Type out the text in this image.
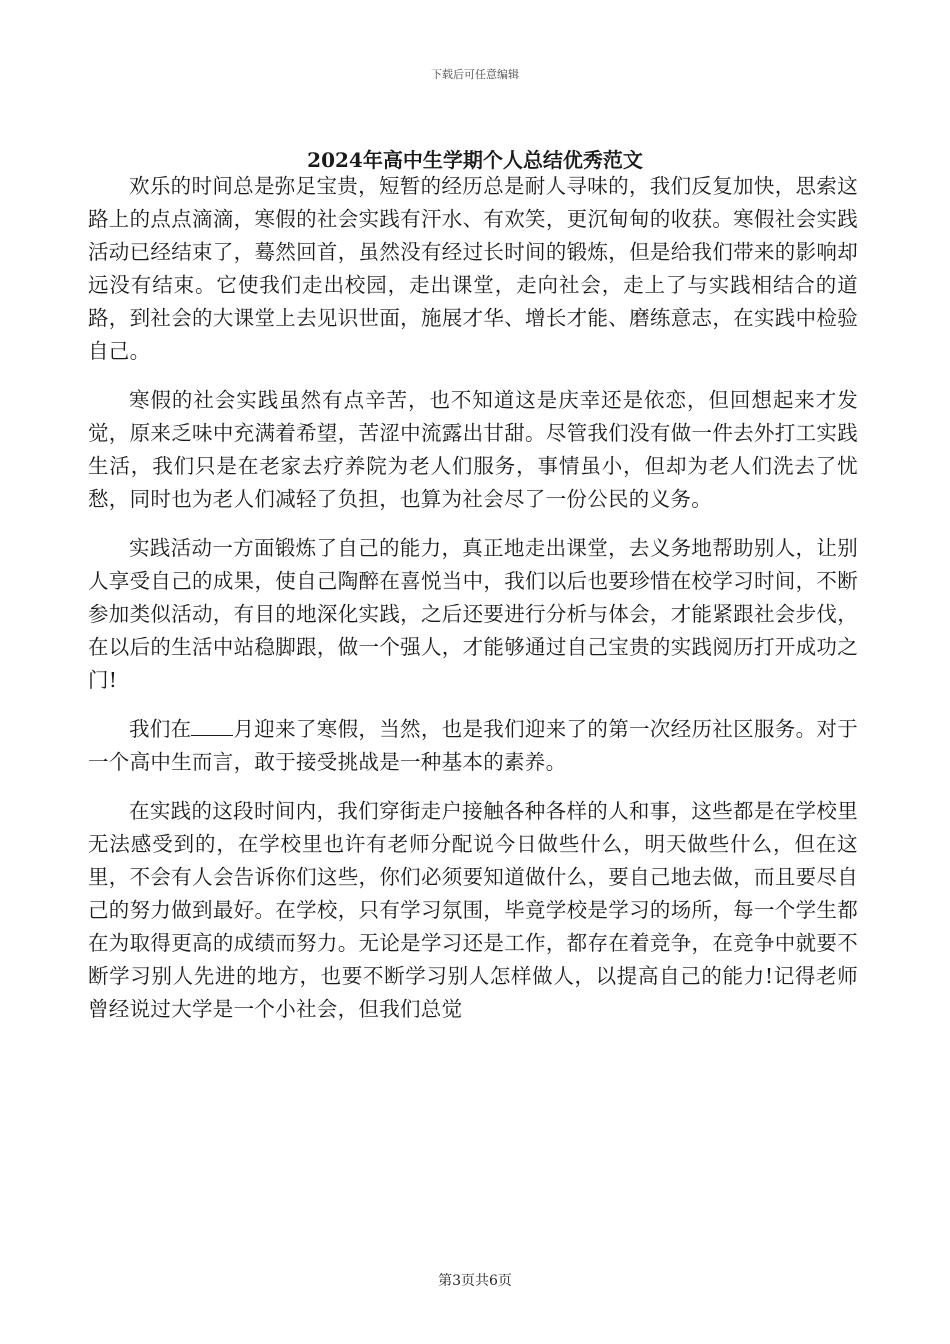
下载后可任意编辑
2024年高中生学期个人总结优秀范文

欢乐的时间总是弥足宝贵，短暂的经历总是耐人寻味的，我们反复加快，思索这路上的点点滴滴，寒假的社会实践有汗水、有欢笑，更沉甸甸的收获。寒假社会实践活动已经结束了，蓦然回首，虽然没有经过长时间的锻炼，但是给我们带来的影响却远没有结束。它使我们走出校园，走出课堂，走向社会，走上了与实践相结合的道路，到社会的大课堂上去见识世面，施展才华、增长才能、磨练意志，在实践中检验自己。

寒假的社会实践虽然有点辛苦，也不知道这是庆幸还是依恋，但回想起来才发觉，原来乏味中充满着希望，苦涩中流露出甘甜。尽管我们没有做一件去外打工实践生活，我们只是在老家去疗养院为老人们服务，事情虽小，但却为老人们洗去了忧愁，同时也为老人们减轻了负担，也算为社会尽了一份公民的义务。

实践活动一方面锻炼了自己的能力，真正地走出课堂，去义务地帮助别人，让别人享受自己的成果，使自己陶醉在喜悦当中，我们以后也要珍惜在校学习时间，不断参加类似活动，有目的地深化实践，之后还要进行分析与体会，才能紧跟社会步伐，在以后的生活中站稳脚跟，做一个强人，才能够通过自己宝贵的实践阅历打开成功之门!

我们在 月迎来了寒假，当然，也是我们迎来了的第一次经历社区服务。对于一个高中生而言，敢于接受挑战是一种基本的素养。

在实践的这段时间内，我们穿街走户接触各种各样的人和事，这些都是在学校里无法感受到的，在学校里也许有老师分配说今日做些什么，明天做些什么，但在这里，不会有人会告诉你们这些，你们必须要知道做什么，要自己地去做，而且要尽自己的努力做到最好。在学校，只有学习氛围，毕竟学校是学习的场所，每一个学生都在为取得更高的成绩而努力。无论是学习还是工作，都存在着竞争，在竞争中就要不断学习别人先进的地方，也要不断学习别人怎样做人，以提高自己的能力!记得老师曾经说过大学是一个小社会，但我们总觉

第3页共6页
